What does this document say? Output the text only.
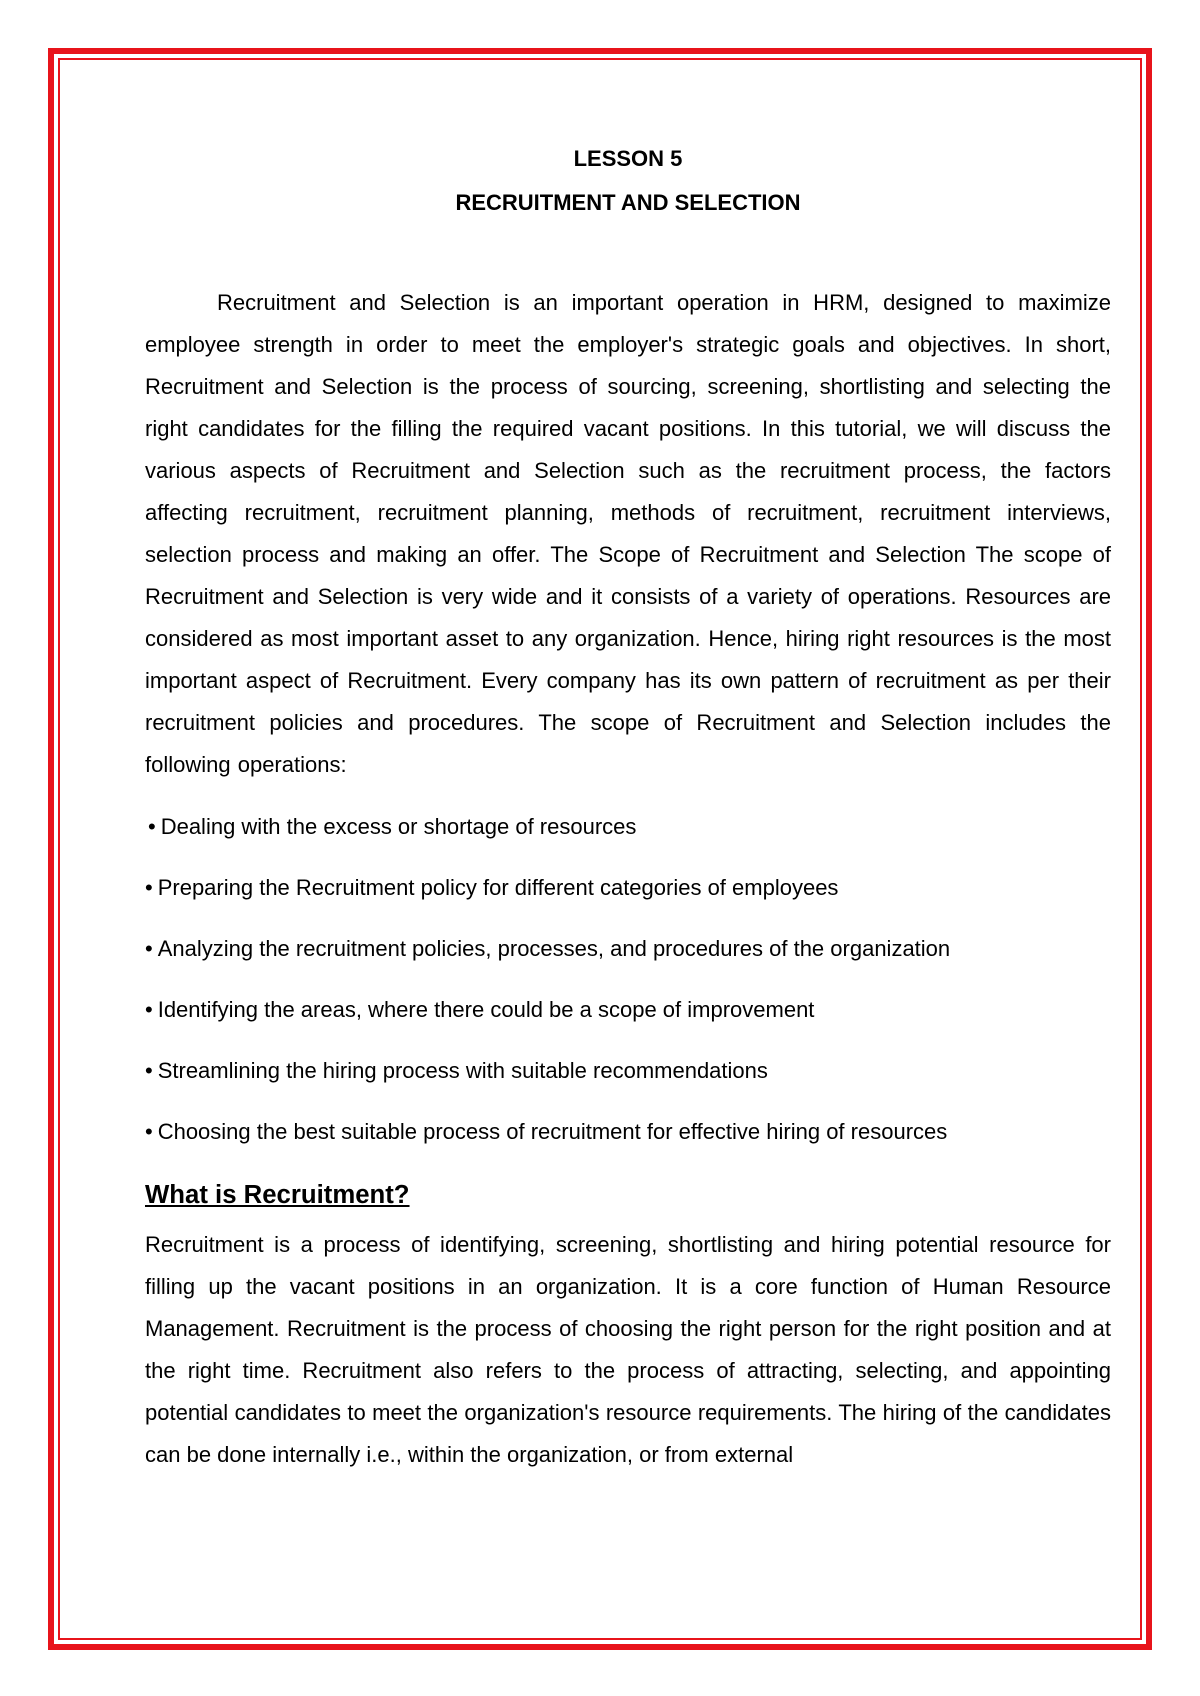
LESSON 5
RECRUITMENT AND SELECTION

Recruitment and Selection is an important operation in HRM, designed to maximize employee strength in order to meet the employer's strategic goals and objectives. In short, Recruitment and Selection is the process of sourcing, screening, shortlisting and selecting the right candidates for the filling the required vacant positions. In this tutorial, we will discuss the various aspects of Recruitment and Selection such as the recruitment process, the factors affecting recruitment, recruitment planning, methods of recruitment, recruitment interviews, selection process and making an offer. The Scope of Recruitment and Selection The scope of Recruitment and Selection is very wide and it consists of a variety of operations. Resources are considered as most important asset to any organization. Hence, hiring right resources is the most important aspect of Recruitment. Every company has its own pattern of recruitment as per their recruitment policies and procedures. The scope of Recruitment and Selection includes the following operations:

• Dealing with the excess or shortage of resources
• Preparing the Recruitment policy for different categories of employees
• Analyzing the recruitment policies, processes, and procedures of the organization
• Identifying the areas, where there could be a scope of improvement
• Streamlining the hiring process with suitable recommendations
• Choosing the best suitable process of recruitment for effective hiring of resources
What is Recruitment?

Recruitment is a process of identifying, screening, shortlisting and hiring potential resource for filling up the vacant positions in an organization. It is a core function of Human Resource Management. Recruitment is the process of choosing the right person for the right position and at the right time. Recruitment also refers to the process of attracting, selecting, and appointing potential candidates to meet the organization's resource requirements. The hiring of the candidates can be done internally i.e., within the organization, or from external
